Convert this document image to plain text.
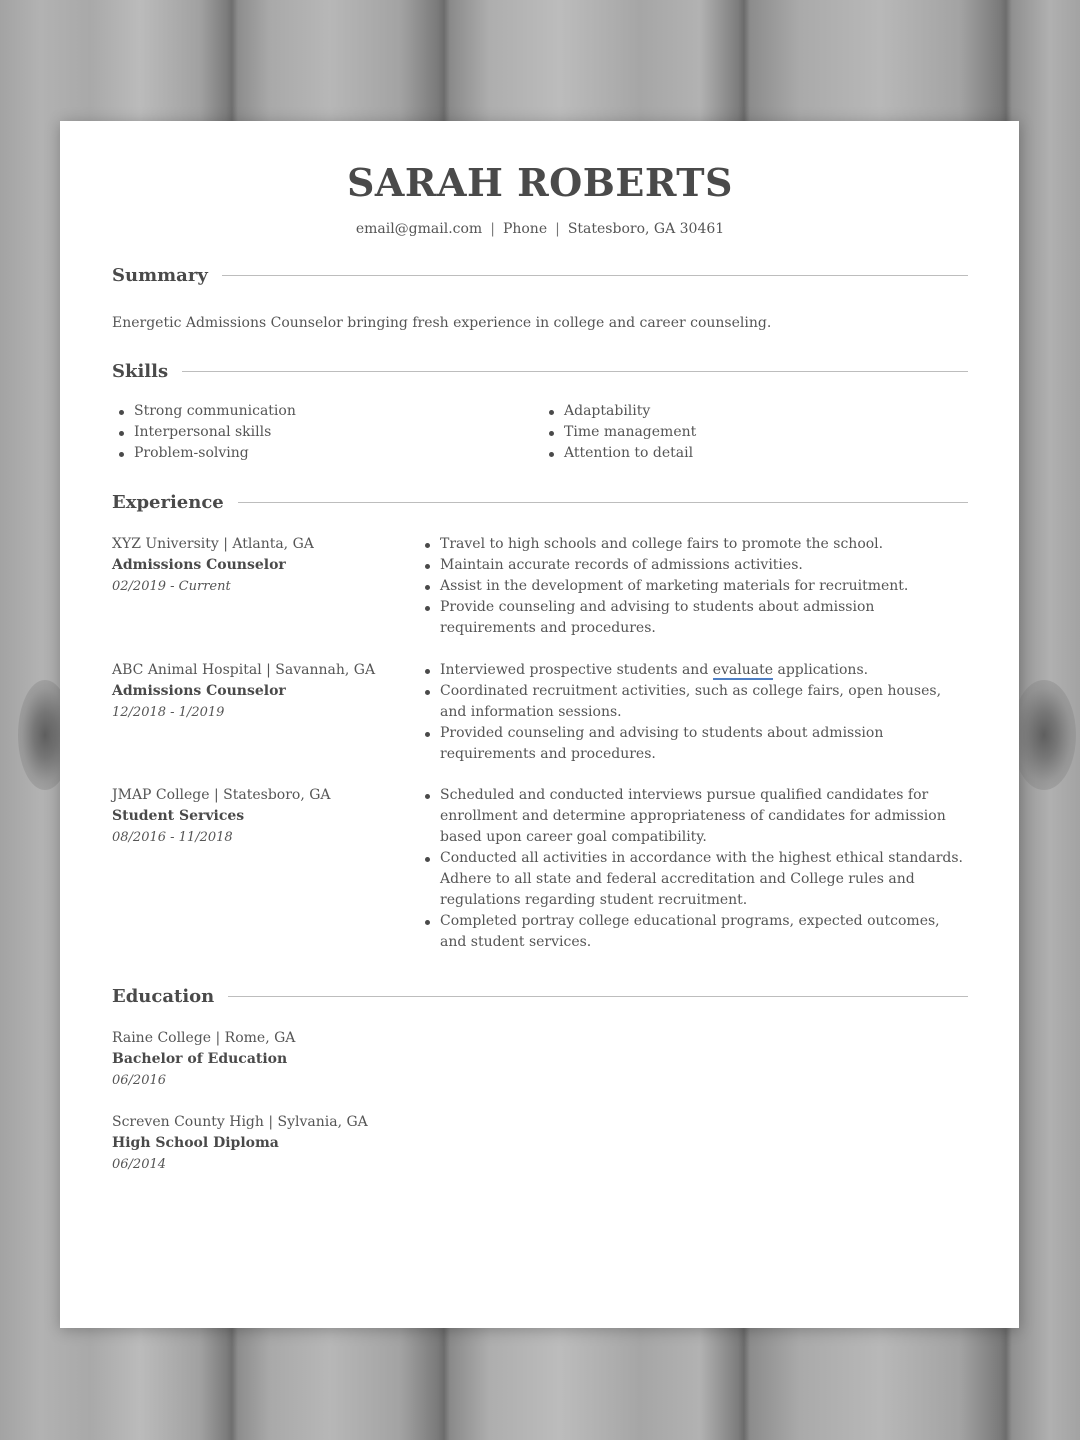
SARAH ROBERTS
email@gmail.com | Phone | Statesboro, GA 30461
Summary

Energetic Admissions Counselor bringing fresh experience in college and career counseling.

Skills
Strong communication
Interpersonal skills
Problem-solving
Adaptability
Time management
Attention to detail
Experience
XYZ University | Atlanta, GA
Admissions Counselor
02/2019 - Current
Travel to high schools and college fairs to promote the school.
Maintain accurate records of admissions activities.
Assist in the development of marketing materials for recruitment.
Provide counseling and advising to students about admission requirements and procedures.
ABC Animal Hospital | Savannah, GA
Admissions Counselor
12/2018 - 1/2019
Interviewed prospective students and evaluate applications.
Coordinated recruitment activities, such as college fairs, open houses, and information sessions.
Provided counseling and advising to students about admission requirements and procedures.
JMAP College | Statesboro, GA
Student Services
08/2016 - 11/2018
Scheduled and conducted interviews pursue qualified candidates for enrollment and determine appropriateness of candidates for admission based upon career goal compatibility.
Conducted all activities in accordance with the highest ethical standards. Adhere to all state and federal accreditation and College rules and regulations regarding student recruitment.
Completed portray college educational programs, expected outcomes, and student services.
Education
Raine College | Rome, GA
Bachelor of Education
06/2016
Screven County High | Sylvania, GA
High School Diploma
06/2014
